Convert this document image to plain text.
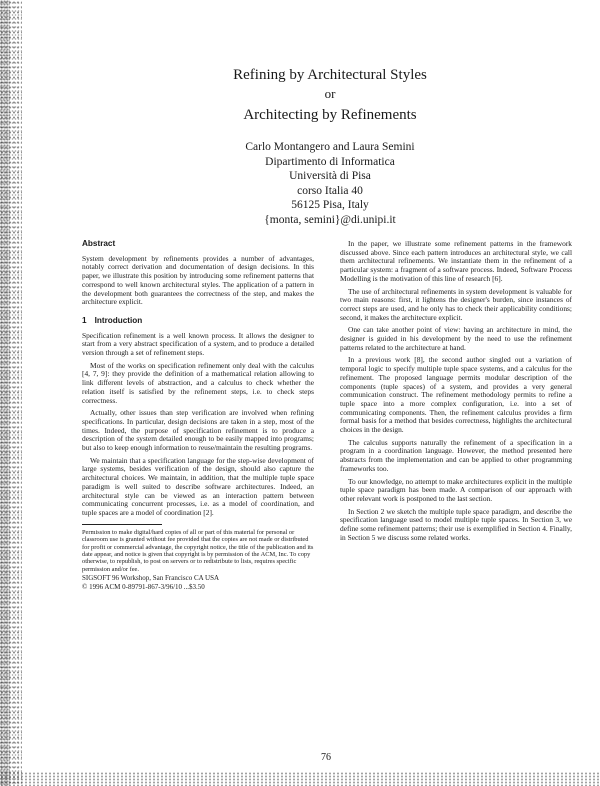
Refining by Architectural Styles
or
Architecting by Refinements
Carlo Montangero and Laura Semini
Dipartimento di Informatica
Università di Pisa
corso Italia 40
56125 Pisa, Italy
{monta, semini}@di.unipi.it
Abstract

System development by refinements provides a number of advantages, notably correct derivation and documentation of design decisions. In this paper, we illustrate this position by introducing some refinement patterns that correspond to well known architectural styles. The application of a pattern in the development both guarantees the correctness of the step, and makes the architecture explicit.

1 Introduction

Specification refinement is a well known process. It allows the designer to start from a very abstract specification of a system, and to produce a detailed version through a set of refinement steps.

Most of the works on specification refinement only deal with the calculus [4, 7, 9]: they provide the definition of a mathematical relation allowing to link different levels of abstraction, and a calculus to check whether the relation itself is satisfied by the refinement steps, i.e. to check steps correctness.

Actually, other issues than step verification are involved when refining specifications. In particular, design decisions are taken in a step, most of the times. Indeed, the purpose of specification refinement is to produce a description of the system detailed enough to be easily mapped into programs; but also to keep enough information to reuse/maintain the resulting programs.

We maintain that a specification language for the step-wise development of large systems, besides verification of the design, should also capture the architectural choices. We maintain, in addition, that the multiple tuple space paradigm is well suited to describe software architectures. Indeed, an architectural style can be viewed as an interaction pattern between communicating concurrent processes, i.e. as a model of coordination, and tuple spaces are a model of coordination [2].

Permission to make digital/hard copies of all or part of this material for personal or classroom use is granted without fee provided that the copies are not made or distributed for profit or commercial advantage, the copyright notice, the title of the publication and its date appear, and notice is given that copyright is by permission of the ACM, Inc. To copy otherwise, to republish, to post on servers or to redistribute to lists, requires specific permission and/or fee.

SIGSOFT 96 Workshop, San Francisco CA USA
© 1996 ACM 0-89791-867-3/96/10 ...$3.50

In the paper, we illustrate some refinement patterns in the framework discussed above. Since each pattern introduces an architectural style, we call them architectural refinements. We instantiate them in the refinement of a particular system: a fragment of a software process. Indeed, Software Process Modelling is the motivation of this line of research [6].

The use of architectural refinements in system development is valuable for two main reasons: first, it lightens the designer's burden, since instances of correct steps are used, and he only has to check their applicability conditions; second, it makes the architecture explicit.

One can take another point of view: having an architecture in mind, the designer is guided in his development by the need to use the refinement patterns related to the architecture at hand.

In a previous work [8], the second author singled out a variation of temporal logic to specify multiple tuple space systems, and a calculus for the refinement. The proposed language permits modular description of the components (tuple spaces) of a system, and provides a very general communication construct. The refinement methodology permits to refine a tuple space into a more complex configuration, i.e. into a set of communicating components. Then, the refinement calculus provides a firm formal basis for a method that besides correctness, highlights the architectural choices in the design.

The calculus supports naturally the refinement of a specification in a program in a coordination language. However, the method presented here abstracts from the implementation and can be applied to other programming frameworks too.

To our knowledge, no attempt to make architectures explicit in the multiple tuple space paradigm has been made. A comparison of our approach with other relevant work is postponed to the last section.

In Section 2 we sketch the multiple tuple space paradigm, and describe the specification language used to model multiple tuple spaces. In Section 3, we define some refinement patterns; their use is exemplified in Section 4. Finally, in Section 5 we discuss some related works.

76
